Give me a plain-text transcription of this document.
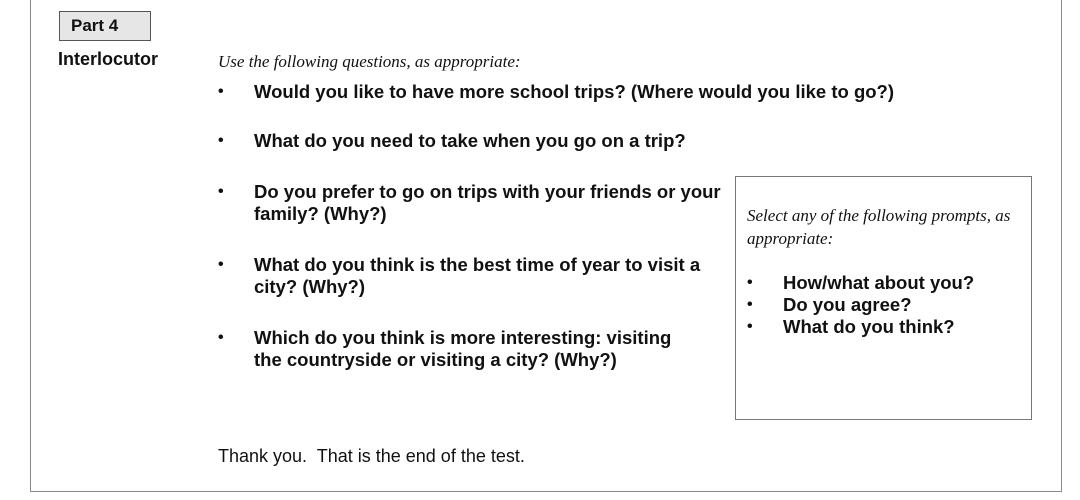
Part 4
Interlocutor	Use the following questions, as appropriate:
•	Would you like to have more school trips? (Where would you like to go?)
•	What do you need to take when you go on a trip?
•	Do you prefer to go on trips with your friends or your family? (Why?)
•	What do you think is the best time of year to visit a city? (Why?)
•	Which do you think is more interesting: visiting the countryside or visiting a city? (Why?)
Select any of the following prompts, as appropriate:
• How/what about you?
• Do you agree?
• What do you think?
Thank you.  That is the end of the test.
